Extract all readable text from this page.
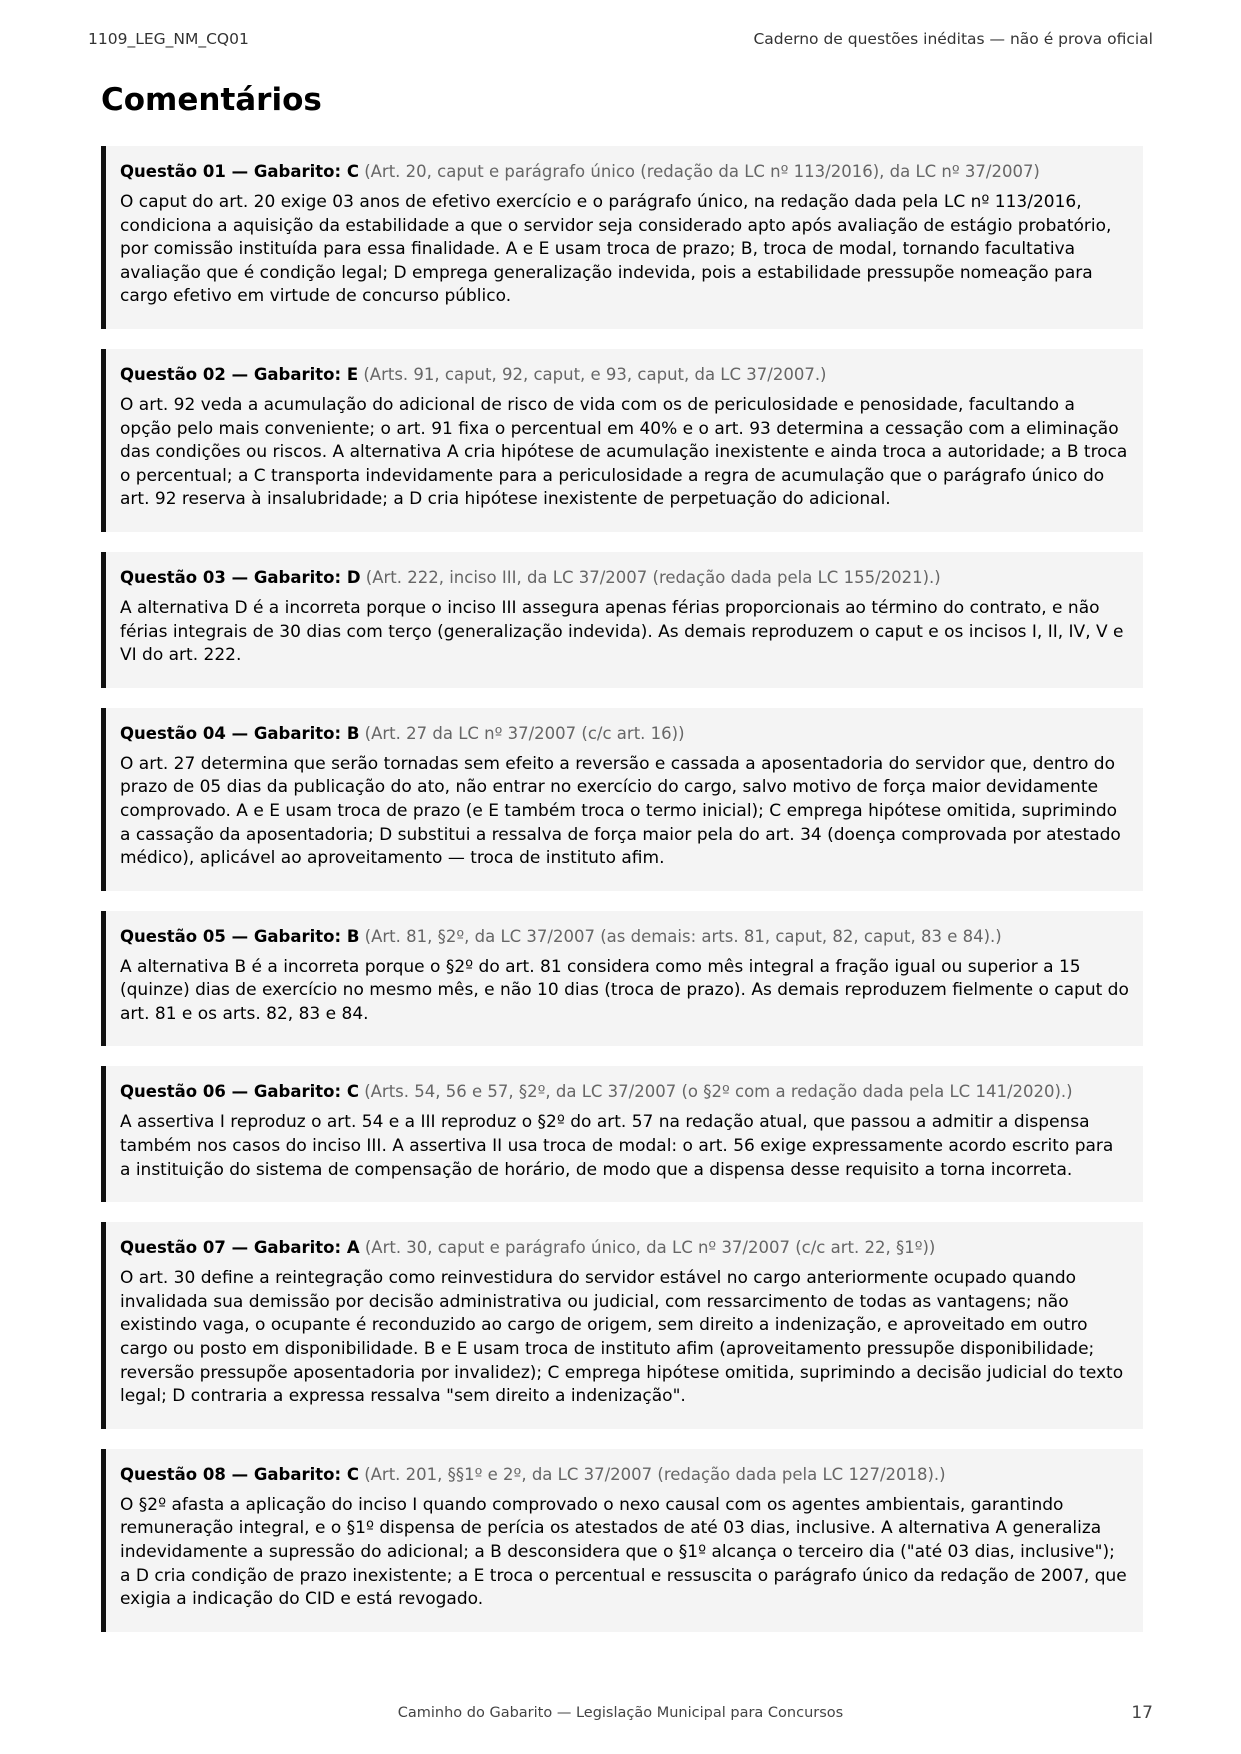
1109_LEG_NM_CQ01	Caderno de questões inéditas — não é prova oficial
Comentários

Questão 01 — Gabarito: C (Art. 20, caput e parágrafo único (redação da LC nº 113/2016), da LC nº 37/2007)

O caput do art. 20 exige 03 anos de efetivo exercício e o parágrafo único, na redação dada pela LC nº 113/2016, condiciona a aquisição da estabilidade a que o servidor seja considerado apto após avaliação de estágio probatório, por comissão instituída para essa finalidade. A e E usam troca de prazo; B, troca de modal, tornando facultativa avaliação que é condição legal; D emprega generalização indevida, pois a estabilidade pressupõe nomeação para cargo efetivo em virtude de concurso público.

Questão 02 — Gabarito: E (Arts. 91, caput, 92, caput, e 93, caput, da LC 37/2007.)

O art. 92 veda a acumulação do adicional de risco de vida com os de periculosidade e penosidade, facultando a opção pelo mais conveniente; o art. 91 fixa o percentual em 40% e o art. 93 determina a cessação com a eliminação das condições ou riscos. A alternativa A cria hipótese de acumulação inexistente e ainda troca a autoridade; a B troca o percentual; a C transporta indevidamente para a periculosidade a regra de acumulação que o parágrafo único do art. 92 reserva à insalubridade; a D cria hipótese inexistente de perpetuação do adicional.

Questão 03 — Gabarito: D (Art. 222, inciso III, da LC 37/2007 (redação dada pela LC 155/2021).)

A alternativa D é a incorreta porque o inciso III assegura apenas férias proporcionais ao término do contrato, e não férias integrais de 30 dias com terço (generalização indevida). As demais reproduzem o caput e os incisos I, II, IV, V e VI do art. 222.

Questão 04 — Gabarito: B (Art. 27 da LC nº 37/2007 (c/c art. 16))

O art. 27 determina que serão tornadas sem efeito a reversão e cassada a aposentadoria do servidor que, dentro do prazo de 05 dias da publicação do ato, não entrar no exercício do cargo, salvo motivo de força maior devidamente comprovado. A e E usam troca de prazo (e E também troca o termo inicial); C emprega hipótese omitida, suprimindo a cassação da aposentadoria; D substitui a ressalva de força maior pela do art. 34 (doença comprovada por atestado médico), aplicável ao aproveitamento — troca de instituto afim.

Questão 05 — Gabarito: B (Art. 81, §2º, da LC 37/2007 (as demais: arts. 81, caput, 82, caput, 83 e 84).)

A alternativa B é a incorreta porque o §2º do art. 81 considera como mês integral a fração igual ou superior a 15 (quinze) dias de exercício no mesmo mês, e não 10 dias (troca de prazo). As demais reproduzem fielmente o caput do art. 81 e os arts. 82, 83 e 84.

Questão 06 — Gabarito: C (Arts. 54, 56 e 57, §2º, da LC 37/2007 (o §2º com a redação dada pela LC 141/2020).)

A assertiva I reproduz o art. 54 e a III reproduz o §2º do art. 57 na redação atual, que passou a admitir a dispensa também nos casos do inciso III. A assertiva II usa troca de modal: o art. 56 exige expressamente acordo escrito para a instituição do sistema de compensação de horário, de modo que a dispensa desse requisito a torna incorreta.

Questão 07 — Gabarito: A (Art. 30, caput e parágrafo único, da LC nº 37/2007 (c/c art. 22, §1º))

O art. 30 define a reintegração como reinvestidura do servidor estável no cargo anteriormente ocupado quando invalidada sua demissão por decisão administrativa ou judicial, com ressarcimento de todas as vantagens; não existindo vaga, o ocupante é reconduzido ao cargo de origem, sem direito a indenização, e aproveitado em outro cargo ou posto em disponibilidade. B e E usam troca de instituto afim (aproveitamento pressupõe disponibilidade; reversão pressupõe aposentadoria por invalidez); C emprega hipótese omitida, suprimindo a decisão judicial do texto legal; D contraria a expressa ressalva "sem direito a indenização".

Questão 08 — Gabarito: C (Art. 201, §§1º e 2º, da LC 37/2007 (redação dada pela LC 127/2018).)

O §2º afasta a aplicação do inciso I quando comprovado o nexo causal com os agentes ambientais, garantindo remuneração integral, e o §1º dispensa de perícia os atestados de até 03 dias, inclusive. A alternativa A generaliza indevidamente a supressão do adicional; a B desconsidera que o §1º alcança o terceiro dia ("até 03 dias, inclusive"); a D cria condição de prazo inexistente; a E troca o percentual e ressuscita o parágrafo único da redação de 2007, que exigia a indicação do CID e está revogado.

Caminho do Gabarito — Legislação Municipal para Concursos	17
